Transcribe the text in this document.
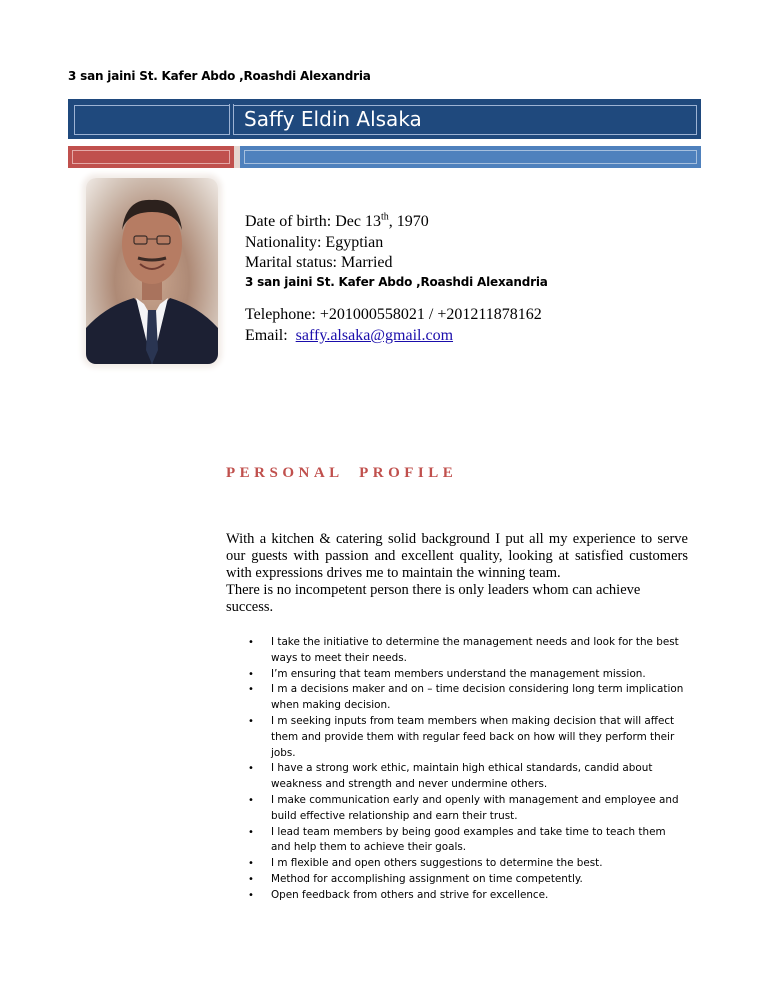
3 san jaini St. Kafer Abdo ,Roashdi Alexandria
Saffy Eldin Alsaka
Date of birth: Dec 13th, 1970
Nationality: Egyptian
Marital status: Married
3 san jaini St. Kafer Abdo ,Roashdi Alexandria
Telephone: +201000558021 / +201211878162
Email: saffy.alsaka@gmail.com
PERSONAL PROFILE

With a kitchen & catering solid background I put all my experience to serve our guests with passion and excellent quality, looking at satisfied customers with expressions drives me to maintain the winning team.

There is no incompetent person there is only leaders whom can achieve success.

• I take the initiative to determine the management needs and look for the best ways to meet their needs.
• I’m ensuring that team members understand the management mission.
• I m a decisions maker and on – time decision considering long term implication when making decision.
• I m seeking inputs from team members when making decision that will affect them and provide them with regular feed back on how will they perform their jobs.
• I have a strong work ethic, maintain high ethical standards, candid about weakness and strength and never undermine others.
• I make communication early and openly with management and employee and build effective relationship and earn their trust.
• I lead team members by being good examples and take time to teach them and help them to achieve their goals.
• I m flexible and open others suggestions to determine the best.
• Method for accomplishing assignment on time competently.
• Open feedback from others and strive for excellence.
